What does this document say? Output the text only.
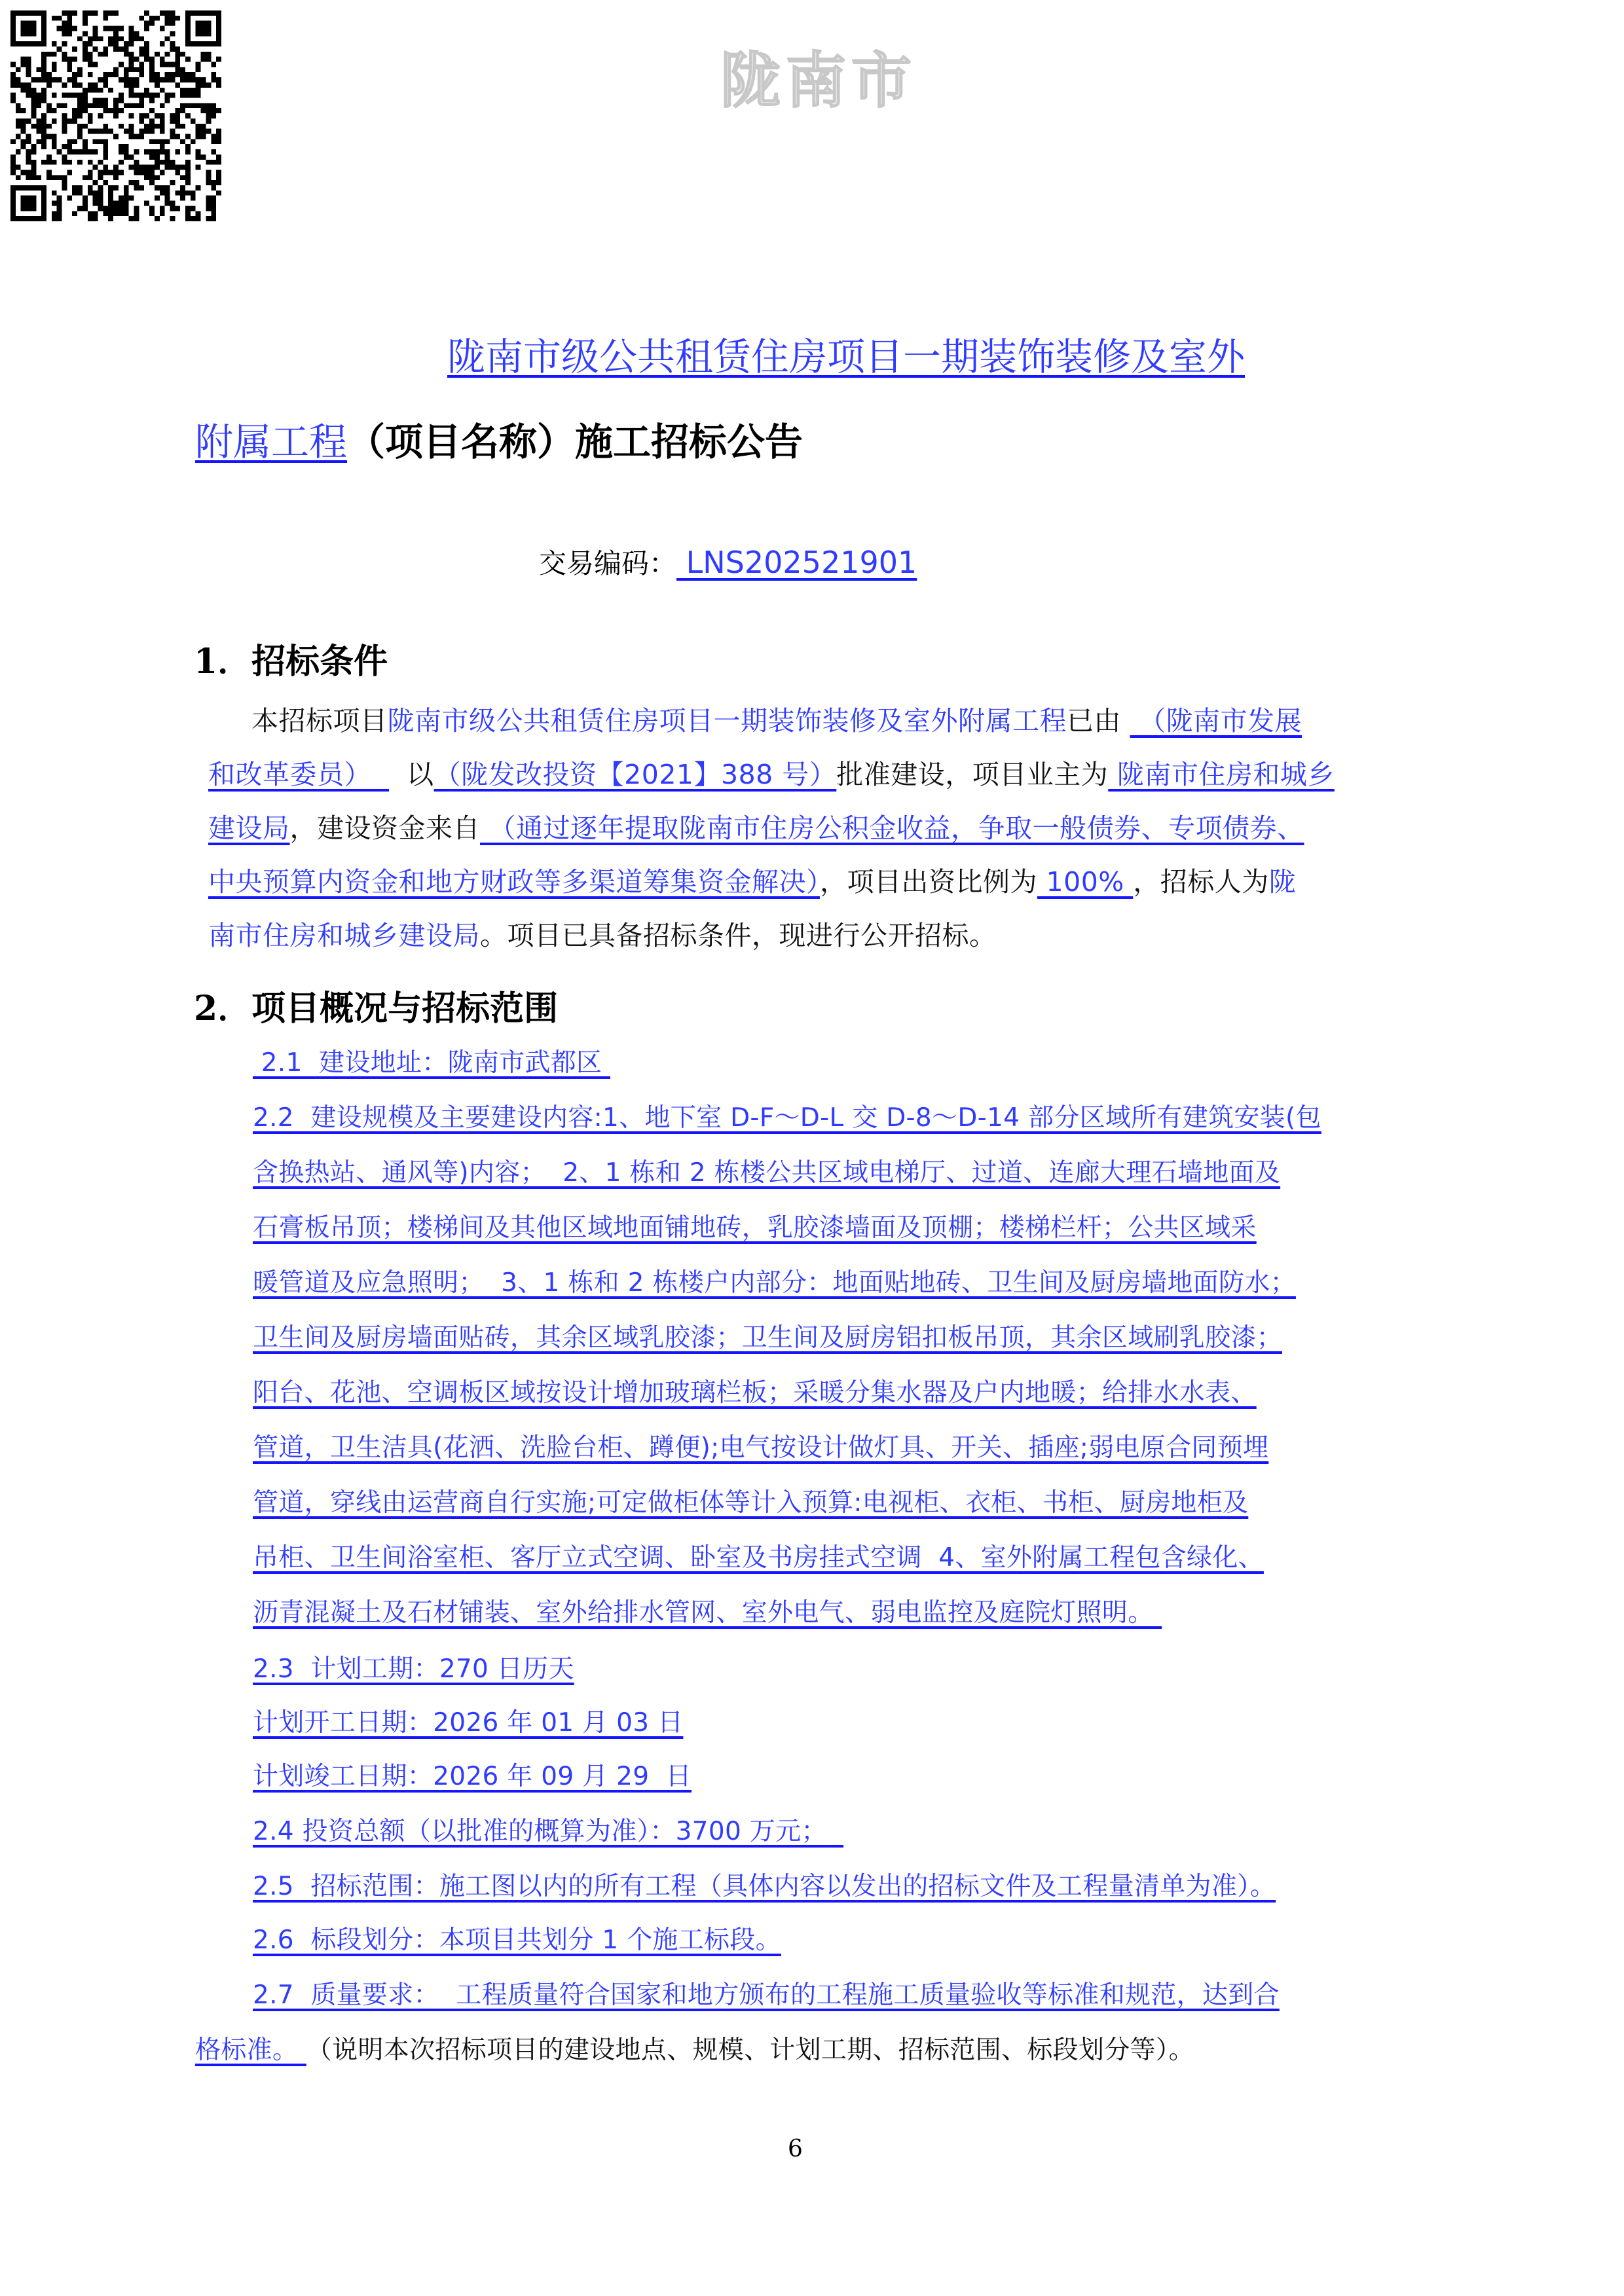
陇南市
陇南市级公共租赁住房项目一期装饰装修及室外
附属工程（项目名称）施工招标公告
交易编码： LNS202521901
1．招标条件
本招标项目陇南市级公共租赁住房项目一期装饰装修及室外附属工程已由  （陇南市发展
和改革委员）    以（陇发改投资【2021】388 号）批准建设，项目业主为 陇南市住房和城乡
建设局，建设资金来自 （通过逐年提取陇南市住房公积金收益，争取一般债券、专项债券、
中央预算内资金和地方财政等多渠道筹集资金解决），项目出资比例为 100% ，招标人为陇
南市住房和城乡建设局。项目已具备招标条件，现进行公开招标。
2．项目概况与招标范围
2.1  建设地址：陇南市武都区
2.2  建设规模及主要建设内容:1、地下室 D-F～D-L 交 D-8～D-14 部分区域所有建筑安装(包
含换热站、通风等)内容；  2、1 栋和 2 栋楼公共区域电梯厅、过道、连廊大理石墙地面及
石膏板吊顶；楼梯间及其他区域地面铺地砖，乳胶漆墙面及顶棚；楼梯栏杆；公共区域采
暖管道及应急照明；  3、1 栋和 2 栋楼户内部分：地面贴地砖、卫生间及厨房墙地面防水；
卫生间及厨房墙面贴砖，其余区域乳胶漆；卫生间及厨房铝扣板吊顶，其余区域刷乳胶漆；
阳台、花池、空调板区域按设计增加玻璃栏板；采暖分集水器及户内地暖；给排水水表、
管道，卫生洁具(花洒、洗脸台柜、蹲便);电气按设计做灯具、开关、插座;弱电原合同预埋
管道，穿线由运营商自行实施;可定做柜体等计入预算:电视柜、衣柜、书柜、厨房地柜及
吊柜、卫生间浴室柜、客厅立式空调、卧室及书房挂式空调  4、室外附属工程包含绿化、
沥青混凝土及石材铺装、室外给排水管网、室外电气、弱电监控及庭院灯照明。
2.3  计划工期：270 日历天
计划开工日期：2026 年 01 月 03 日
计划竣工日期：2026 年 09 月 29  日
2.4 投资总额（以批准的概算为准）：3700 万元；
2.5  招标范围：施工图以内的所有工程（具体内容以发出的招标文件及工程量清单为准）。
2.6  标段划分：本项目共划分 1 个施工标段。
2.7  质量要求：  工程质量符合国家和地方颁布的工程施工质量验收等标准和规范，达到合
格标准。 （说明本次招标项目的建设地点、规模、计划工期、招标范围、标段划分等）。
6
